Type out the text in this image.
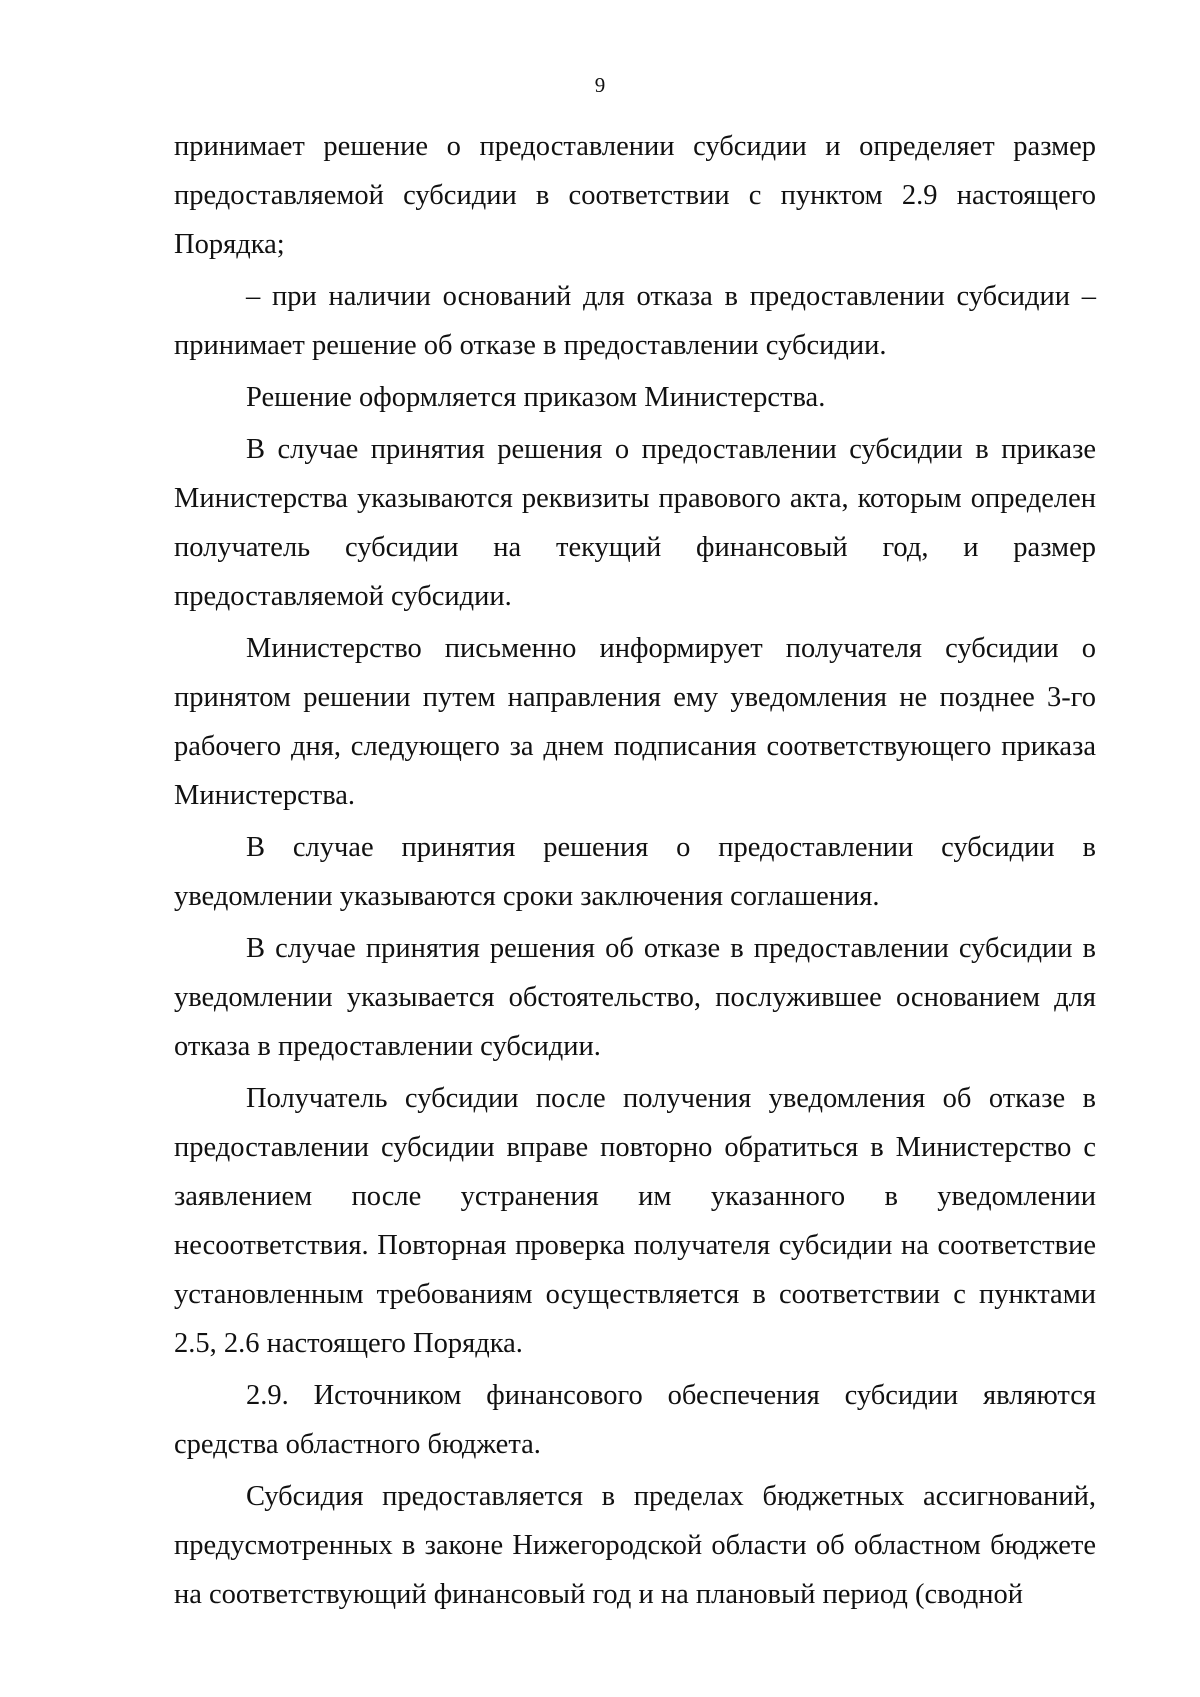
9

принимает решение о предоставлении субсидии и определяет размер предоставляемой субсидии в соответствии с пунктом 2.9 настоящего Порядка;

– при наличии оснований для отказа в предоставлении субсидии – принимает решение об отказе в предоставлении субсидии.

Решение оформляется приказом Министерства.

В случае принятия решения о предоставлении субсидии в приказе Министерства указываются реквизиты правового акта, которым определен получатель субсидии на текущий финансовый год, и размер предоставляемой субсидии.

Министерство письменно информирует получателя субсидии о принятом решении путем направления ему уведомления не позднее 3-го рабочего дня, следующего за днем подписания соответствующего приказа Министерства.

В случае принятия решения о предоставлении субсидии в уведомлении указываются сроки заключения соглашения.

В случае принятия решения об отказе в предоставлении субсидии в уведомлении указывается обстоятельство, послужившее основанием для отказа в предоставлении субсидии.

Получатель субсидии после получения уведомления об отказе в предоставлении субсидии вправе повторно обратиться в Министерство с заявлением после устранения им указанного в уведомлении несоответствия. Повторная проверка получателя субсидии на соответствие установленным требованиям осуществляется в соответствии с пунктами 2.5, 2.6 настоящего Порядка.

2.9. Источником финансового обеспечения субсидии являются средства областного бюджета.

Субсидия предоставляется в пределах бюджетных ассигнований, предусмотренных в законе Нижегородской области об областном бюджете на соответствующий финансовый год и на плановый период (сводной
